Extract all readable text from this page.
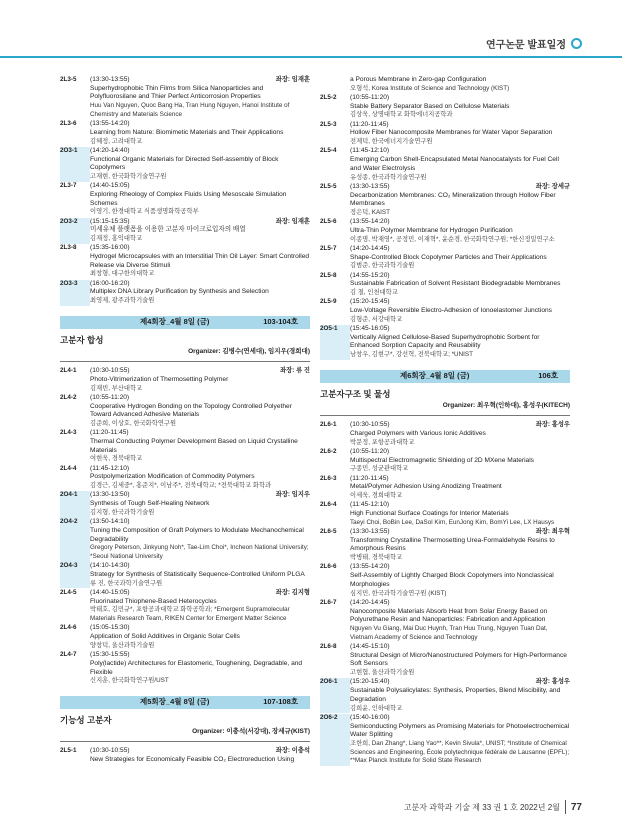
연구논문 발표일정
2L3-5	(13:30-13:55)	좌장: 임재훈
Superhydrophobic Thin Films from Silica Nanoparticles and Polyfluorosilane and Thier Perfect Anticorrosion Properties
Huu Van Nguyen, Quoc Bang Ha, Tran Hung Nguyen, Hanoi Institute of Chemistry and Materials Science
2L3-6	(13:55-14:20)
Learning from Nature: Biomimetic Materials and Their Applications
김혜정, 고려대학교
2O3-1	(14:20-14:40)
Functional Organic Materials for Directed Self-assembly of Block Copolymers
고재현, 한국화학기술연구원
2L3-7	(14:40-15:05)
Exploring Rheology of Complex Fluids Using Mesoscale Simulation Schemes
이영기, 한경대학교 식품생명화학공학부
2O3-2	(15:15-15:35)	좌장: 임재훈
미세유체 플랫폼을 이용한 고분자 마이크로입자의 배열
김재정, 홍익대학교
2L3-8	(15:35-16:00)
Hydrogel Microcapsules with an Interstitial Thin Oil Layer: Smart Controlled Release via Diverse Stimuli
최창형, 대구한의대학교
2O3-3	(16:00-16:20)
Multiplex DNA Library Purification by Synthesis and Selection
최영제, 광주과학기술원
제4회장_4월 8일 (금)	103-104호
고분자 합성
Organizer: 김병수(연세대), 임지우(경희대)
2L4-1	(10:30-10:55)	좌장: 류 진
Photo-Vitrimerization of Thermosetting Polymer
김재빈, 부산대학교
2L4-2	(10:55-11:20)
Cooperative Hydrogen Bonding on the Topology Controlled Polyether Toward Advanced Adhesive Materials
김준희, 이상호, 한국화학연구원
2L4-3	(11:20-11:45)
Thermal Conducting Polymer Development Based on Liquid Crystalline Materials
여현욱, 경북대학교
2L4-4	(11:45-12:10)
Postpolymerization Modification of Commodity Polymers
김경근, 김세중*, 홍준지*, 이남주*, 전북대학교; *전북대학교 화학과
2O4-1	(13:30-13:50)	좌장: 임지우
Synthesis of Tough Self-Healing Network
김지형, 한국과학기술원
2O4-2	(13:50-14:10)
Tuning the Composition of Graft Polymers to Modulate Mechanochemical Degradability
Gregory Peterson, Jinkyung Noh*, Tae-Lim Choi*, Incheon National University; *Seoul National University
2O4-3	(14:10-14:30)
Strategy for Synthesis of Statistically Sequence-Controlled Uniform PLGA
류 진, 한국과학기술연구원
2L4-5	(14:40-15:05)	좌장: 김지형
Fluorinated Thiophene-Based Heterocycles
박태호, 김민규*, 포항공과대학교 화학공학과; *Emergent Supramolecular Materials Research Team, RIKEN Center for Emergent Matter Science
2L4-6	(15:05-15:30)
Application of Solid Additives in Organic Solar Cells
양창덕, 울산과학기술원
2L4-7	(15:30-15:55)
Poly(lactide) Architectures for Elastomeric, Toughening, Degradable, and Flexible
신지훈, 한국화학연구원/UST
제5회장_4월 8일 (금)	107-108호
기능성 고분자
Organizer: 이충석(서강대), 장세규(KIST)
2L5-1	(10:30-10:55)	좌장: 이충석
New Strategies for Economically Feasible CO₂ Electroreduction Using
a Porous Membrane in Zero-gap Configuration
오형석, Korea Institute of Science and Technology (KIST)
2L5-2	(10:55-11:20)
Stable Battery Separator Based on Cellulose Materials
김상욱, 상명대학교 화학에너지공학과
2L5-3	(11:20-11:45)
Hollow Fiber Nanocomposite Membranes for Water Vapor Separation
전제덕, 한국에너지기술연구원
2L5-4	(11:45-12:10)
Emerging Carbon Shell-Encapsulated Metal Nanocatalysts for Fuel Cell and Water Electrolysis
유성종, 한국과학기술연구원
2L5-5	(13:30-13:55)	좌장: 장세규
Decarbonization Membranes: CO₂ Mineralization through Hollow Fiber Membranes
정은덕, KAIST
2L5-6	(13:55-14:20)
Ultra-Thin Polymer Membrane for Hydrogen Purification
이종명, 박재영*, 공정민, 이재혁*, 윤순경, 한국화학연구원; *한신정밀연구소
2L5-7	(14:20-14:45)
Shape-Controlled Block Copolymer Particles and Their Applications
김범준, 한국과학기술원
2L5-8	(14:55-15:20)
Sustainable Fabrication of Solvent Resistant Biodegradable Membranes
김 철, 인천대학교
2L5-9	(15:20-15:45)
Low-Voltage Reversible Electro-Adhesion of Ionoelastomer Junctions
김형준, 서강대학교
2O5-1	(15:45-16:05)
Vertically Aligned Cellulose-Based Superhydrophobic Sorbent for Enhanced Sorption Capacity and Reusability
남창우, 김현구*, 강선혁, 전북대학교; *UNIST
제6회장_4월 8일 (금)	106호
고분자구조 및 물성
Organizer: 최우혁(인하대), 홍성우(KITECH)
2L6-1	(10:30-10:55)	좌장: 홍성우
Charged Polymers with Various Ionic Additives
박문정, 포항공과대학교
2L6-2	(10:55-11:20)
Multispectral Electromagnetic Shielding of 2D MXene Materials
구종민, 성균관대학교
2L6-3	(11:20-11:45)
Metal/Polymer Adhesion Using Anodizing Treatment
이세욱, 경희대학교
2L6-4	(11:45-12:10)
High Functional Surface Coatings for Interior Materials
Taeyi Choi, BoBin Lee, DaSol Kim, EunJong Kim, BomYi Lee, LX Hausys
2L6-5	(13:30-13:55)	좌장: 최우혁
Transforming Crystalline Thermosetting Urea-Formaldehyde Resins to Amorphous Resins
박병태, 경북대학교
2L6-6	(13:55-14:20)
Self-Assembly of Lightly Charged Block Copolymers into Nonclassical Morphologies
심지민, 한국과학기술연구원 (KIST)
2L6-7	(14:20-14:45)
Nanocomposite Materials Absorb Heat from Solar Energy Based on Polyurethane Resin and Nanoparticles: Fabrication and Application
Nguyen Vu Giang, Mai Duc Huynh, Tran Huu Trung, Nguyen Tuan Dat, Vietnam Academy of Science and Technology
2L6-8	(14:45-15:10)
Structural Design of Micro/Nanostructured Polymers for High-Performance Soft Sensors
고현협, 울산과학기술원
2O6-1	(15:20-15:40)	좌장: 홍성우
Sustainable Polysalicylates: Synthesis, Properties, Blend Miscibility, and Degradation
김희윤, 인하대학교
2O6-2	(15:40-16:00)
Semiconducting Polymers as Promising Materials for Photoelectrochemical Water Splitting
조한희, Dan Zhang*, Liang Yao**, Kevin Sivula*, UNIST; *Institute of Chemical Sciences and Engineering, École polytechnique fédérale de Lausanne (EPFL); **Max Planck Institute for Solid State Research
고분자 과학과 기술 제 33 권 1 호 2022년 2월 77
